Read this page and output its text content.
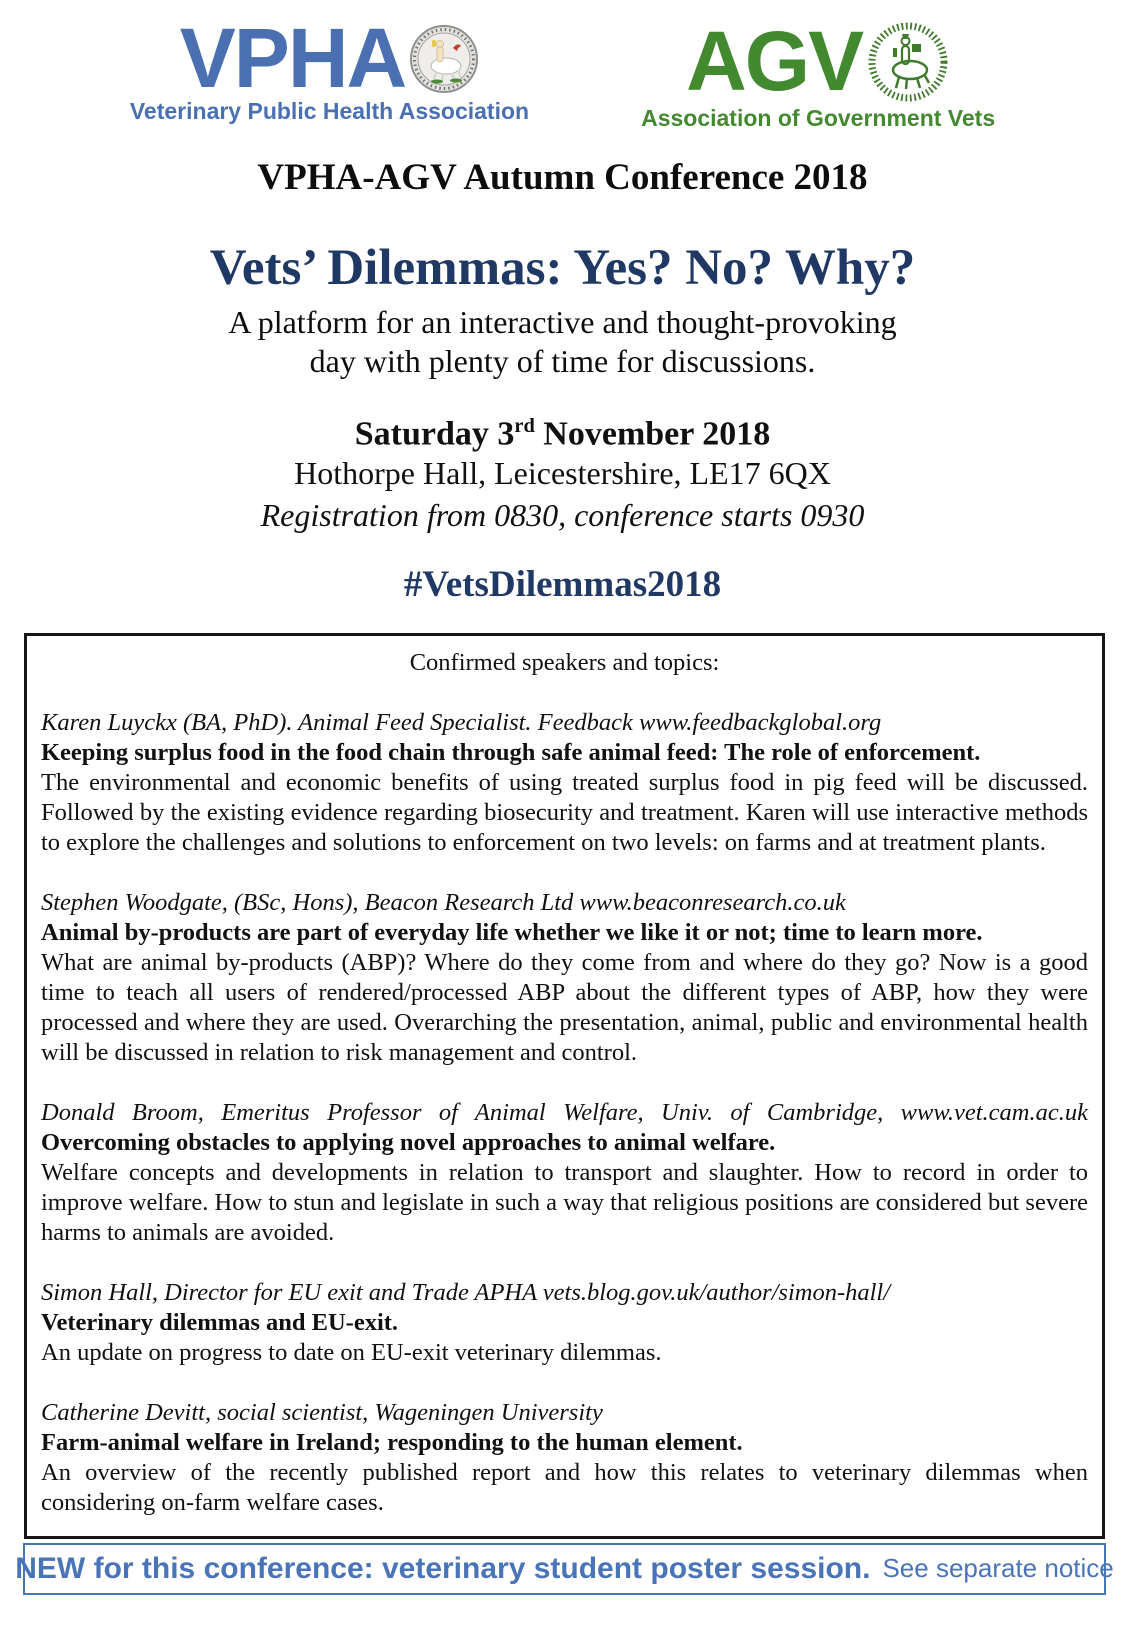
VPHA
Veterinary Public Health Association
AGV
Association of Government Vets
VPHA-AGV Autumn Conference 2018
Vets’ Dilemmas: Yes? No? Why?
A platform for an interactive and thought-provoking
day with plenty of time for discussions.
Saturday 3rd November 2018
Hothorpe Hall, Leicestershire, LE17 6QX
Registration from 0830, conference starts 0930
#VetsDilemmas2018

Confirmed speakers and topics:

Karen Luyckx (BA, PhD). Animal Feed Specialist. Feedback www.feedbackglobal.org

Keeping surplus food in the food chain through safe animal feed: The role of enforcement.

The environmental and economic benefits of using treated surplus food in pig feed will be discussed. Followed by the existing evidence regarding biosecurity and treatment. Karen will use interactive methods to explore the challenges and solutions to enforcement on two levels: on farms and at treatment plants.

Stephen Woodgate, (BSc, Hons), Beacon Research Ltd www.beaconresearch.co.uk

Animal by-products are part of everyday life whether we like it or not; time to learn more.

What are animal by-products (ABP)? Where do they come from and where do they go? Now is a good time to teach all users of rendered/processed ABP about the different types of ABP, how they were processed and where they are used. Overarching the presentation, animal, public and environmental health will be discussed in relation to risk management and control.

Donald Broom, Emeritus Professor of Animal Welfare, Univ. of Cambridge, www.vet.cam.ac.uk

Overcoming obstacles to applying novel approaches to animal welfare.

Welfare concepts and developments in relation to transport and slaughter. How to record in order to improve welfare. How to stun and legislate in such a way that religious positions are considered but severe harms to animals are avoided.

Simon Hall, Director for EU exit and Trade APHA vets.blog.gov.uk/author/simon-hall/

Veterinary dilemmas and EU-exit.

An update on progress to date on EU-exit veterinary dilemmas.

Catherine Devitt, social scientist, Wageningen University

Farm-animal welfare in Ireland; responding to the human element.

An overview of the recently published report and how this relates to veterinary dilemmas when considering on-farm welfare cases.

NEW for this conference: veterinary student poster session. See separate notice
